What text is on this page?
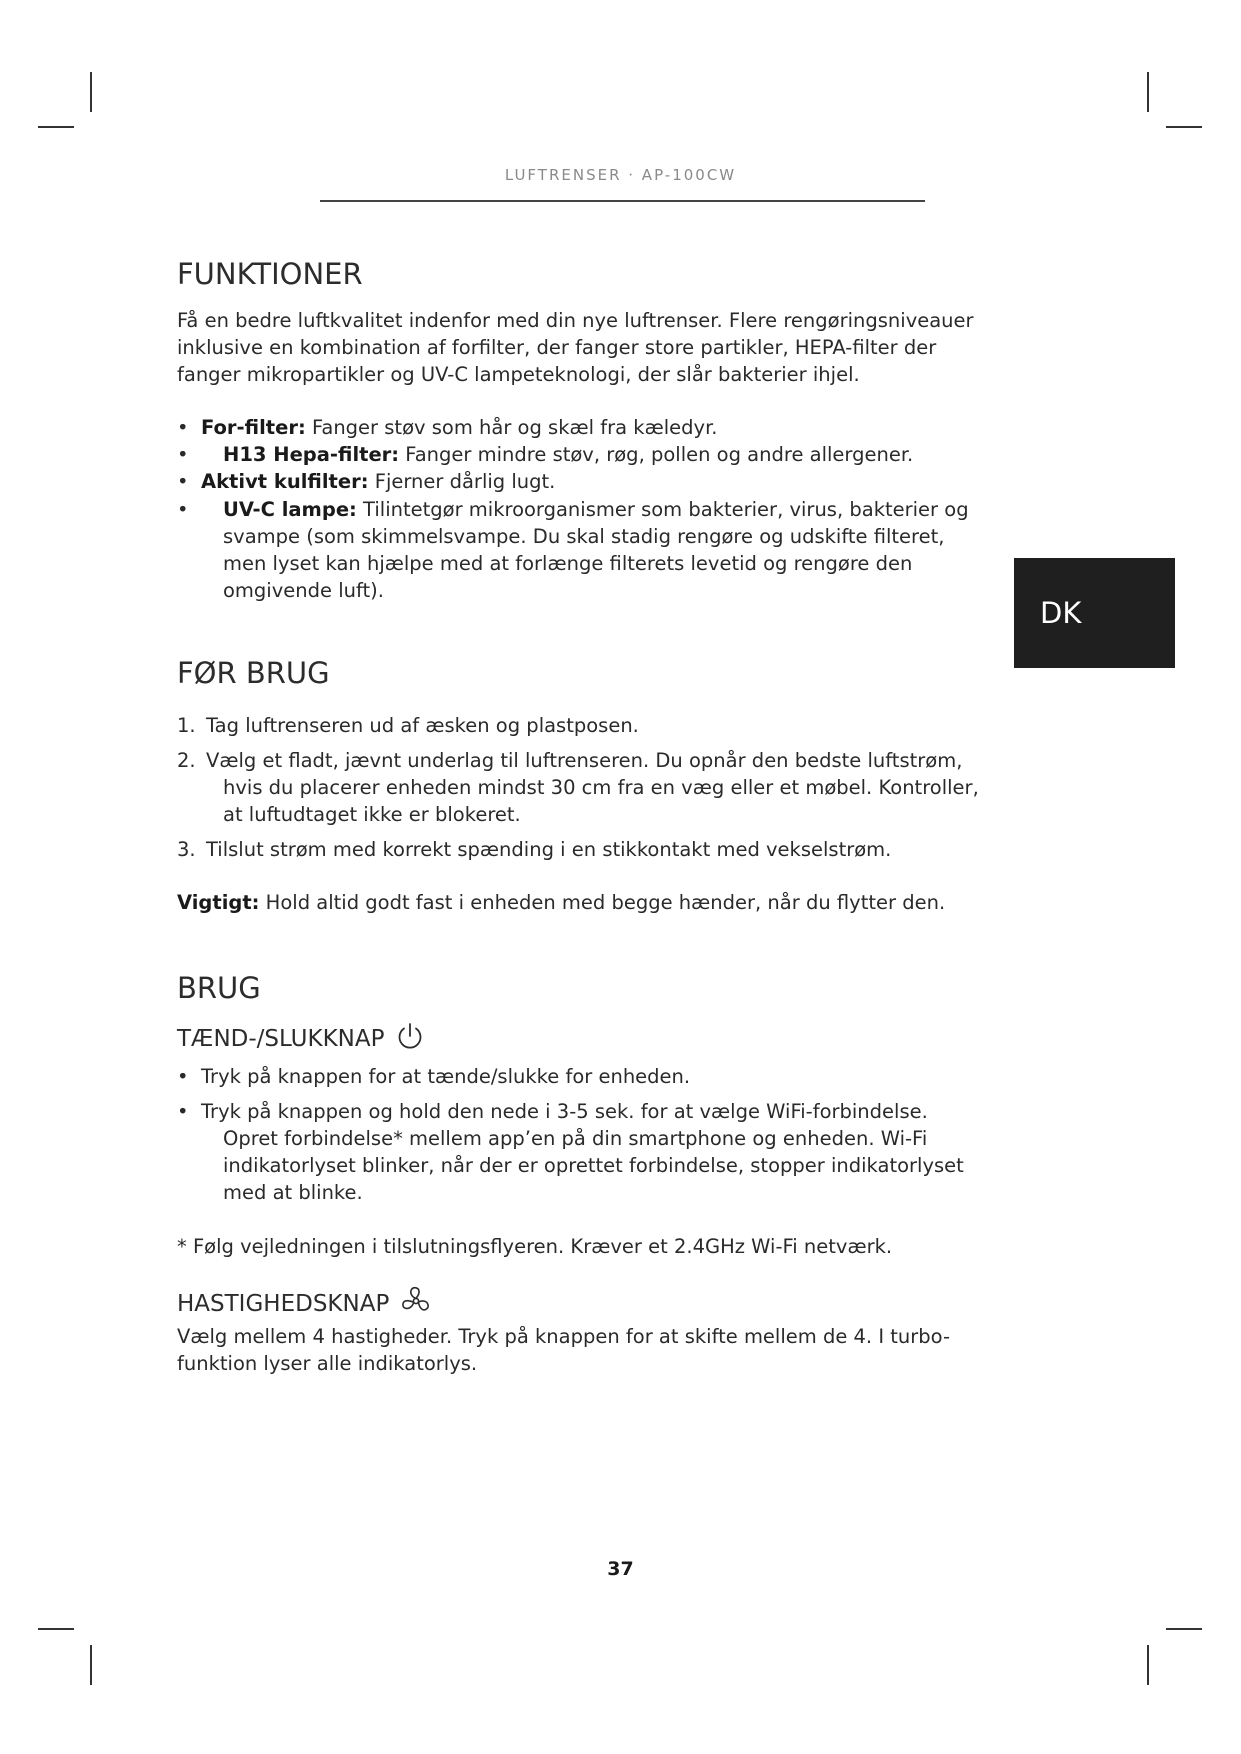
LUFTRENSER · AP-100CW
DK
FUNKTIONER

Få en bedre luftkvalitet indenfor med din nye luftrenser. Flere rengøringsniveauer

inklusive en kombination af forfilter, der fanger store partikler, HEPA-filter der

fanger mikropartikler og UV-C lampeteknologi, der slår bakterier ihjel.

• For-filter: Fanger støv som hår og skæl fra kæledyr.
• H13 Hepa-filter: Fanger mindre støv, røg, pollen og andre allergener.
• Aktivt kulfilter: Fjerner dårlig lugt.
• UV-C lampe: Tilintetgør mikroorganismer som bakterier, virus, bakterier og
svampe (som skimmelsvampe. Du skal stadig rengøre og udskifte filteret,
men lyset kan hjælpe med at forlænge filterets levetid og rengøre den
omgivende luft).
FØR BRUG
1. Tag luftrenseren ud af æsken og plastposen.
2. Vælg et fladt, jævnt underlag til luftrenseren. Du opnår den bedste luftstrøm,
hvis du placerer enheden mindst 30 cm fra en væg eller et møbel. Kontroller,
at luftudtaget ikke er blokeret.
3. Tilslut strøm med korrekt spænding i en stikkontakt med vekselstrøm.

Vigtigt: Hold altid godt fast i enheden med begge hænder, når du flytter den.

BRUG
TÆND-/SLUKKNAP
• Tryk på knappen for at tænde/slukke for enheden.
• Tryk på knappen og hold den nede i 3-5 sek. for at vælge WiFi-forbindelse.
Opret forbindelse* mellem app’en på din smartphone og enheden. Wi-Fi
indikatorlyset blinker, når der er oprettet forbindelse, stopper indikatorlyset
med at blinke.

* Følg vejledningen i tilslutningsflyeren. Kræver et 2.4GHz Wi-Fi netværk.

HASTIGHEDSKNAP

Vælg mellem 4 hastigheder. Tryk på knappen for at skifte mellem de 4. I turbo-

funktion lyser alle indikatorlys.

37
